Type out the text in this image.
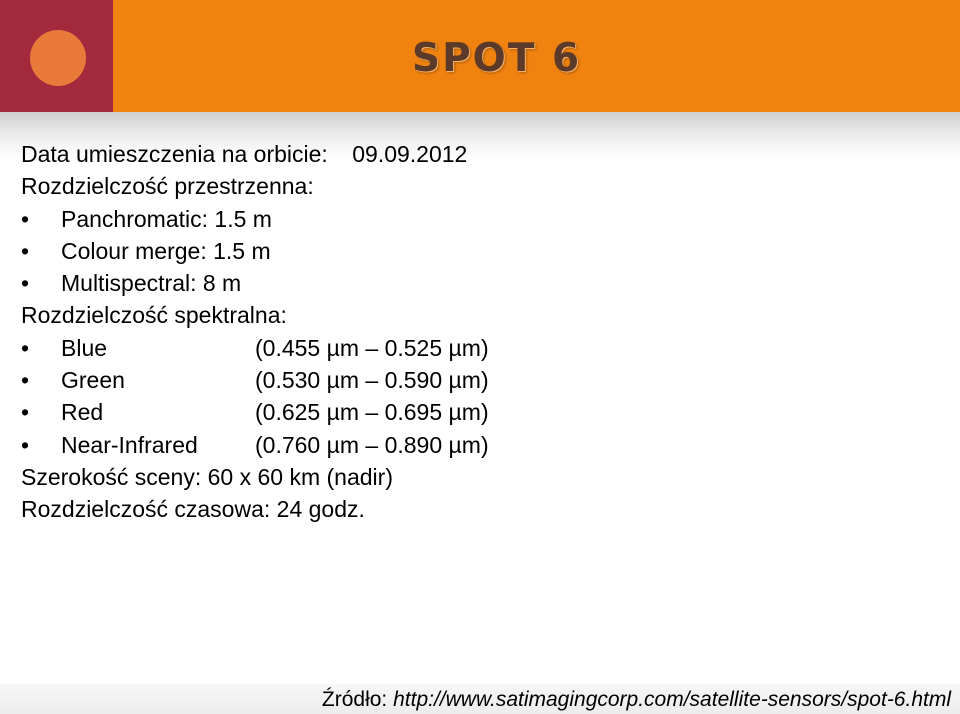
SPOT 6
Data umieszczenia na orbicie: 09.09.2012
Rozdzielczość przestrzenna:
• Panchromatic: 1.5 m
• Colour merge: 1.5 m
• Multispectral: 8 m
Rozdzielczość spektralna:
• Blue	(0.455 µm – 0.525 µm)
• Green	(0.530 µm – 0.590 µm)
• Red	(0.625 µm – 0.695 µm)
• Near-Infrared (0.760 µm – 0.890 µm)
Szerokość sceny: 60 x 60 km (nadir)
Rozdzielczość czasowa: 24 godz.
Źródło: http://www.satimagingcorp.com/satellite-sensors/spot-6.html
